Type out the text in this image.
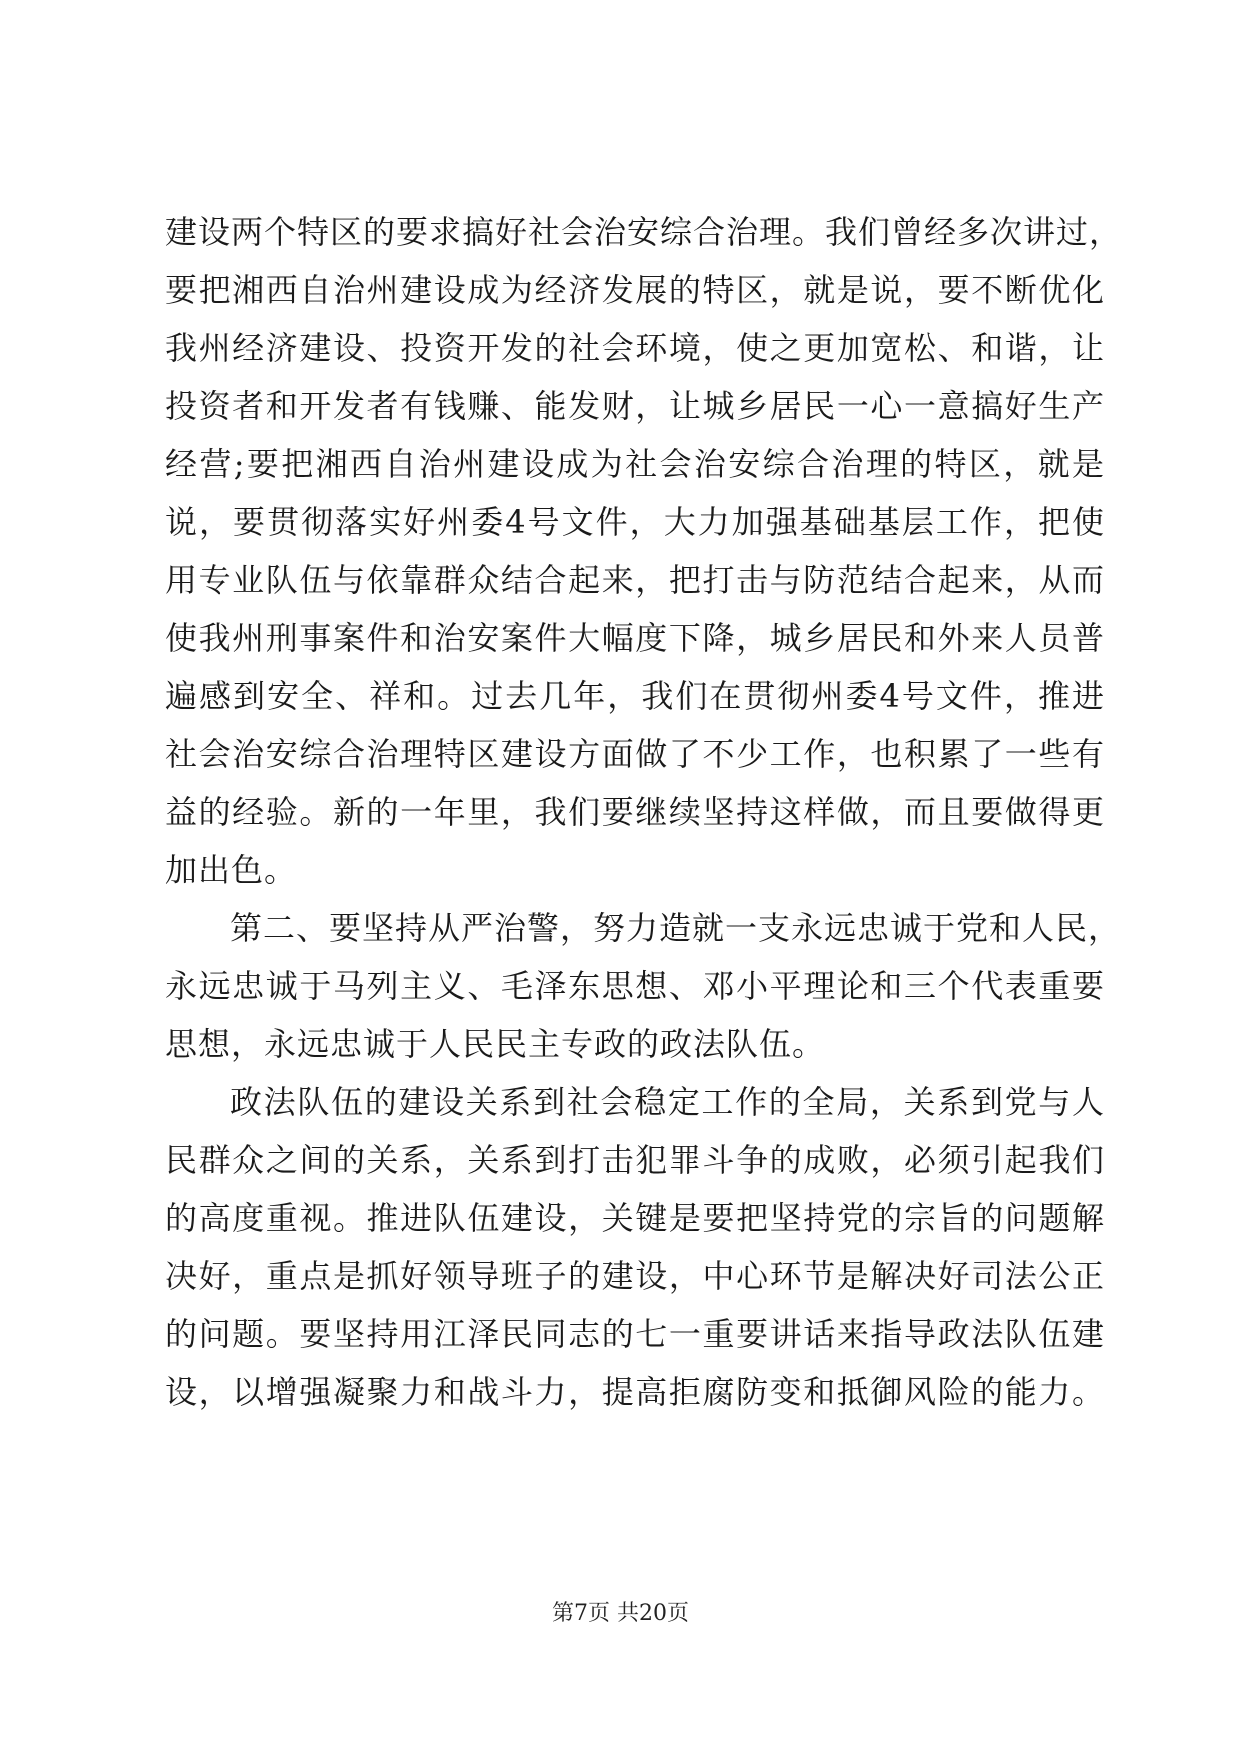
建设两个特区的要求搞好社会治安综合治理。我们曾经多次讲过，
要把湘西自治州建设成为经济发展的特区，就是说，要不断优化
我州经济建设、投资开发的社会环境，使之更加宽松、和谐，让
投资者和开发者有钱赚、能发财，让城乡居民一心一意搞好生产
经营;要把湘西自治州建设成为社会治安综合治理的特区，就是
说，要贯彻落实好州委4号文件，大力加强基础基层工作，把使
用专业队伍与依靠群众结合起来，把打击与防范结合起来，从而
使我州刑事案件和治安案件大幅度下降，城乡居民和外来人员普
遍感到安全、祥和。过去几年，我们在贯彻州委4号文件，推进
社会治安综合治理特区建设方面做了不少工作，也积累了一些有
益的经验。新的一年里，我们要继续坚持这样做，而且要做得更
加出色。
第二、要坚持从严治警，努力造就一支永远忠诚于党和人民，
永远忠诚于马列主义、毛泽东思想、邓小平理论和三个代表重要
思想，永远忠诚于人民民主专政的政法队伍。
政法队伍的建设关系到社会稳定工作的全局，关系到党与人
民群众之间的关系，关系到打击犯罪斗争的成败，必须引起我们
的高度重视。推进队伍建设，关键是要把坚持党的宗旨的问题解
决好，重点是抓好领导班子的建设，中心环节是解决好司法公正
的问题。要坚持用江泽民同志的七一重要讲话来指导政法队伍建
设，以增强凝聚力和战斗力，提高拒腐防变和抵御风险的能力。
第7页 共20页
